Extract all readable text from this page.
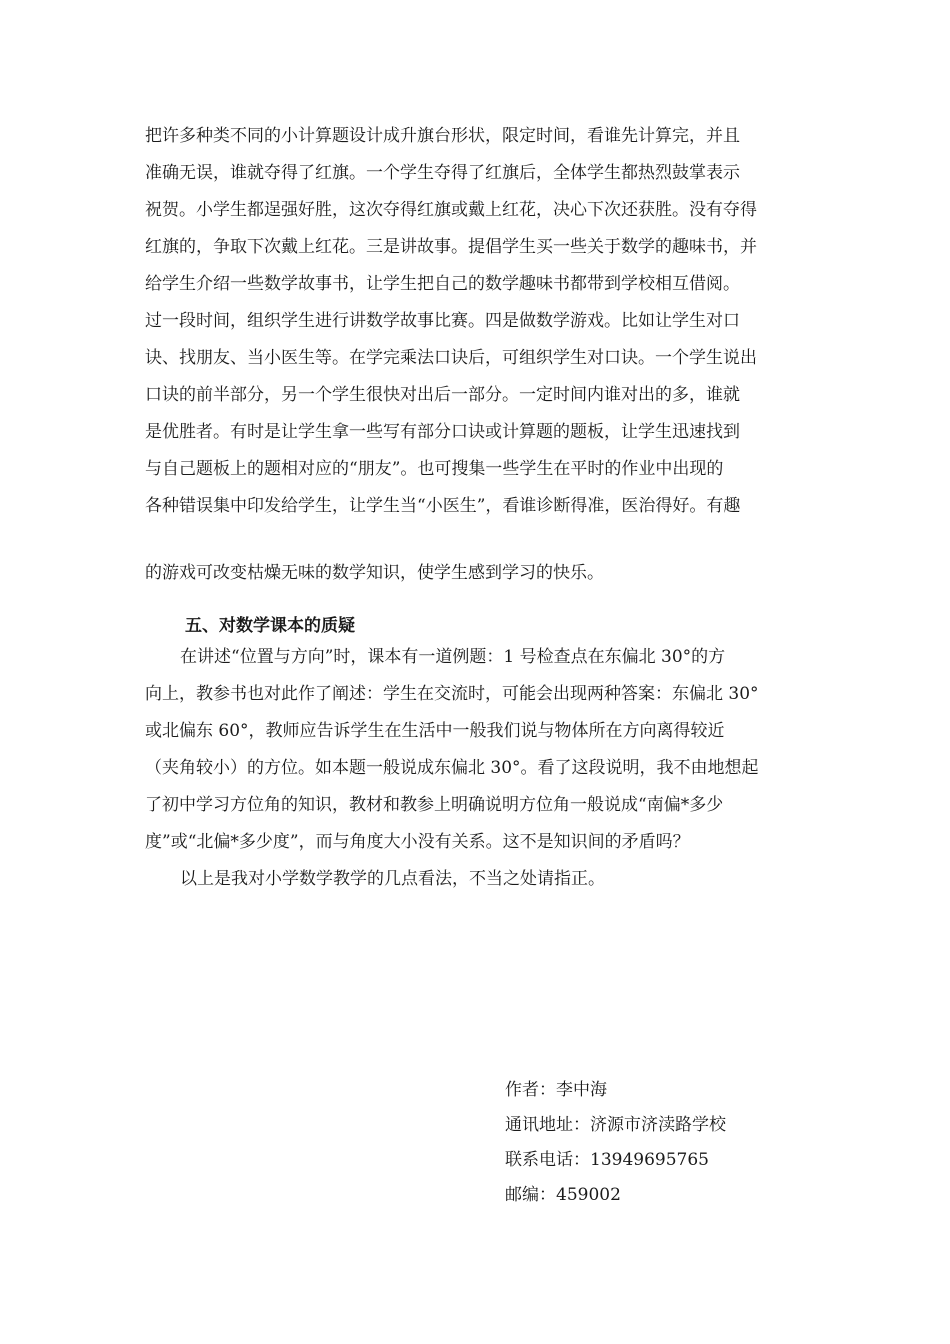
把许多种类不同的小计算题设计成升旗台形状，限定时间，看谁先计算完，并且

准确无误，谁就夺得了红旗。一个学生夺得了红旗后，全体学生都热烈鼓掌表示

祝贺。小学生都逞强好胜，这次夺得红旗或戴上红花，决心下次还获胜。没有夺得

红旗的，争取下次戴上红花。三是讲故事。提倡学生买一些关于数学的趣味书，并

给学生介绍一些数学故事书，让学生把自己的数学趣味书都带到学校相互借阅。

过一段时间，组织学生进行讲数学故事比赛。四是做数学游戏。比如让学生对口

诀、找朋友、当小医生等。在学完乘法口诀后，可组织学生对口诀。一个学生说出

口诀的前半部分，另一个学生很快对出后一部分。一定时间内谁对出的多，谁就

是优胜者。有时是让学生拿一些写有部分口诀或计算题的题板，让学生迅速找到

与自己题板上的题相对应的“朋友”。也可搜集一些学生在平时的作业中出现的

各种错误集中印发给学生，让学生当“小医生”，看谁诊断得准，医治得好。有趣

的游戏可改变枯燥无味的数学知识，使学生感到学习的快乐。

五、对数学课本的质疑

在讲述“位置与方向”时，课本有一道例题：1 号检查点在东偏北 30°的方

向上，教参书也对此作了阐述：学生在交流时，可能会出现两种答案：东偏北 30°

或北偏东 60°，教师应告诉学生在生活中一般我们说与物体所在方向离得较近

（夹角较小）的方位。如本题一般说成东偏北 30°。看了这段说明，我不由地想起

了初中学习方位角的知识，教材和教参上明确说明方位角一般说成“南偏*多少

度”或“北偏*多少度”，而与角度大小没有关系。这不是知识间的矛盾吗？

以上是我对小学数学教学的几点看法，不当之处请指正。

作者：李中海

通讯地址：济源市济渎路学校

联系电话：13949695765

邮编：459002
